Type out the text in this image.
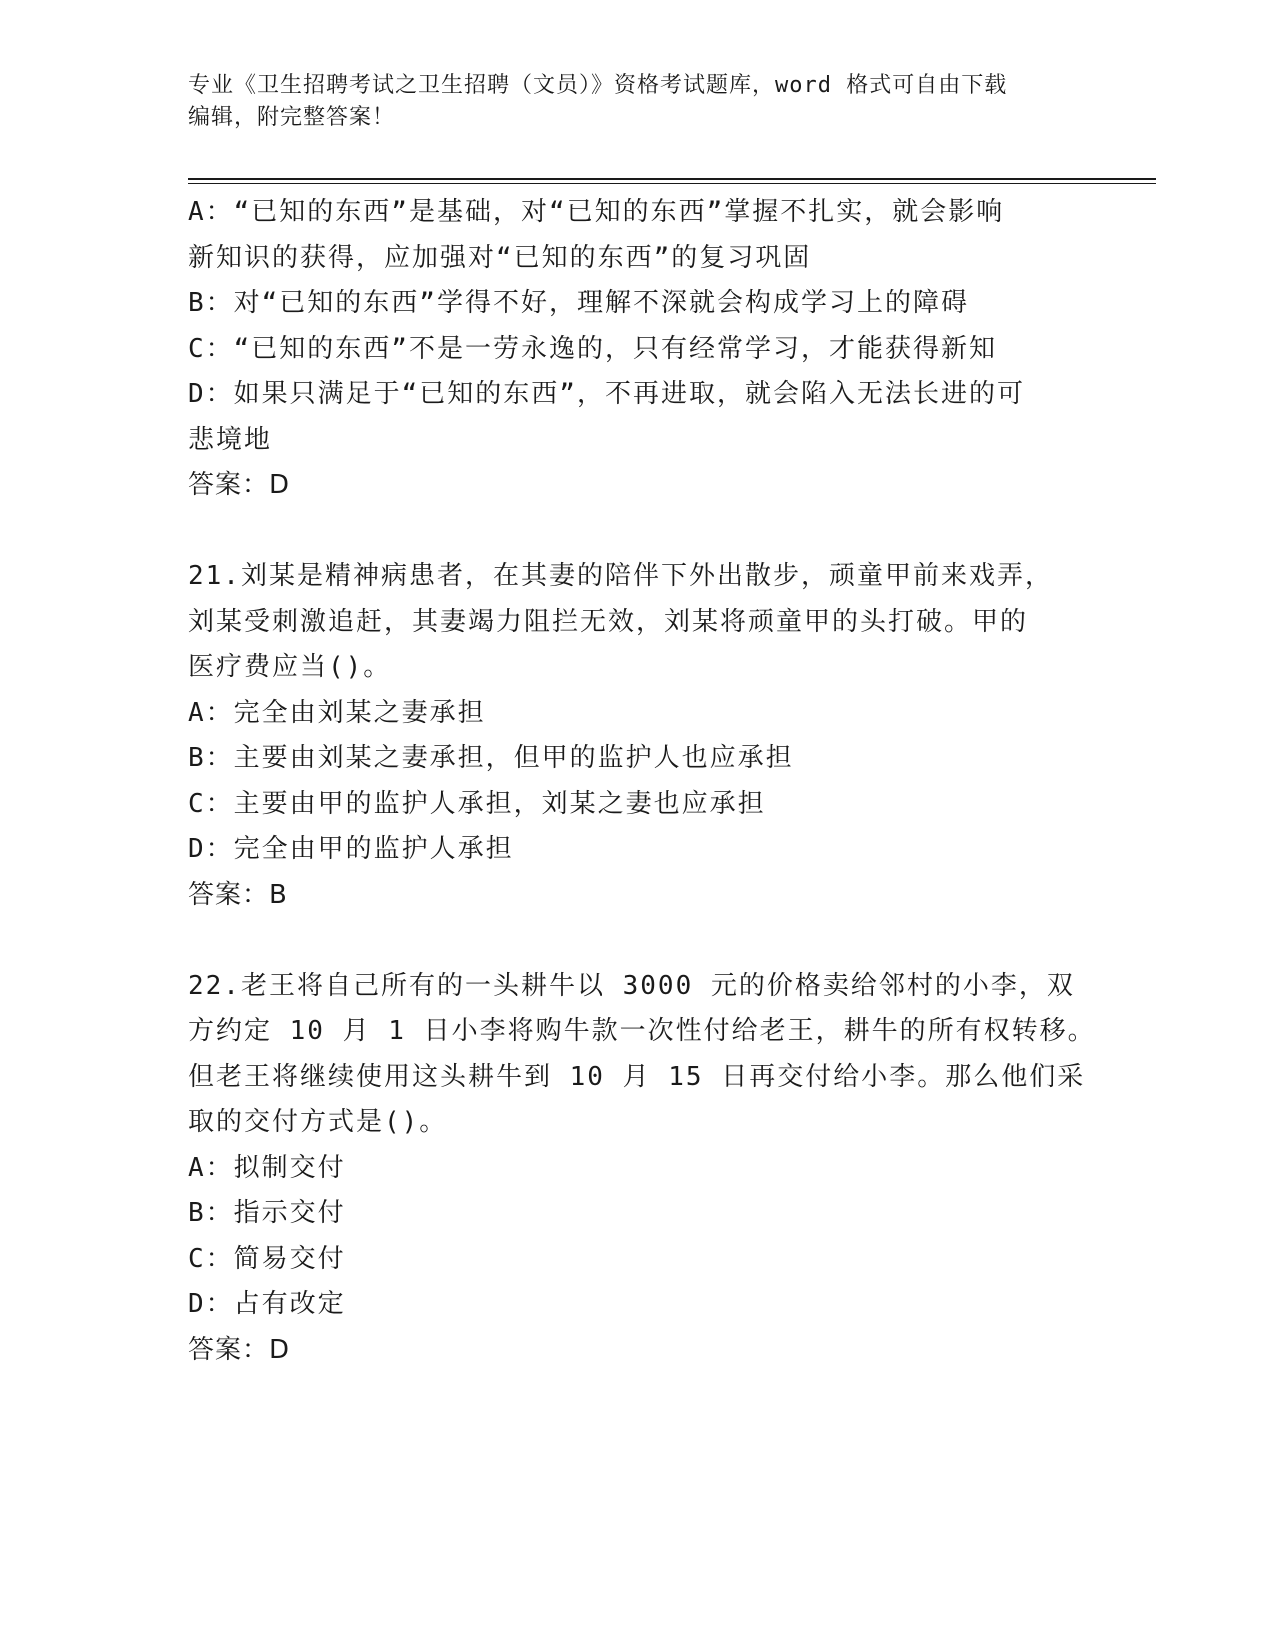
专业《卫生招聘考试之卫生招聘（文员）》资格考试题库，word 格式可自由下载
编辑，附完整答案！
A：“已知的东西”是基础，对“已知的东西”掌握不扎实，就会影响
新知识的获得，应加强对“已知的东西”的复习巩固
B：对“已知的东西”学得不好，理解不深就会构成学习上的障碍
C：“已知的东西”不是一劳永逸的，只有经常学习，才能获得新知
D：如果只满足于“已知的东西”，不再进取，就会陷入无法长进的可
悲境地
答案：D
21.刘某是精神病患者，在其妻的陪伴下外出散步，顽童甲前来戏弄，
刘某受刺激追赶，其妻竭力阻拦无效，刘某将顽童甲的头打破。甲的
医疗费应当()。
A：完全由刘某之妻承担
B：主要由刘某之妻承担，但甲的监护人也应承担
C：主要由甲的监护人承担，刘某之妻也应承担
D：完全由甲的监护人承担
答案：B
22.老王将自己所有的一头耕牛以 3000 元的价格卖给邻村的小李，双
方约定 10 月 1 日小李将购牛款一次性付给老王，耕牛的所有权转移。
但老王将继续使用这头耕牛到 10 月 15 日再交付给小李。那么他们采
取的交付方式是()。
A：拟制交付
B：指示交付
C：简易交付
D：占有改定
答案：D
